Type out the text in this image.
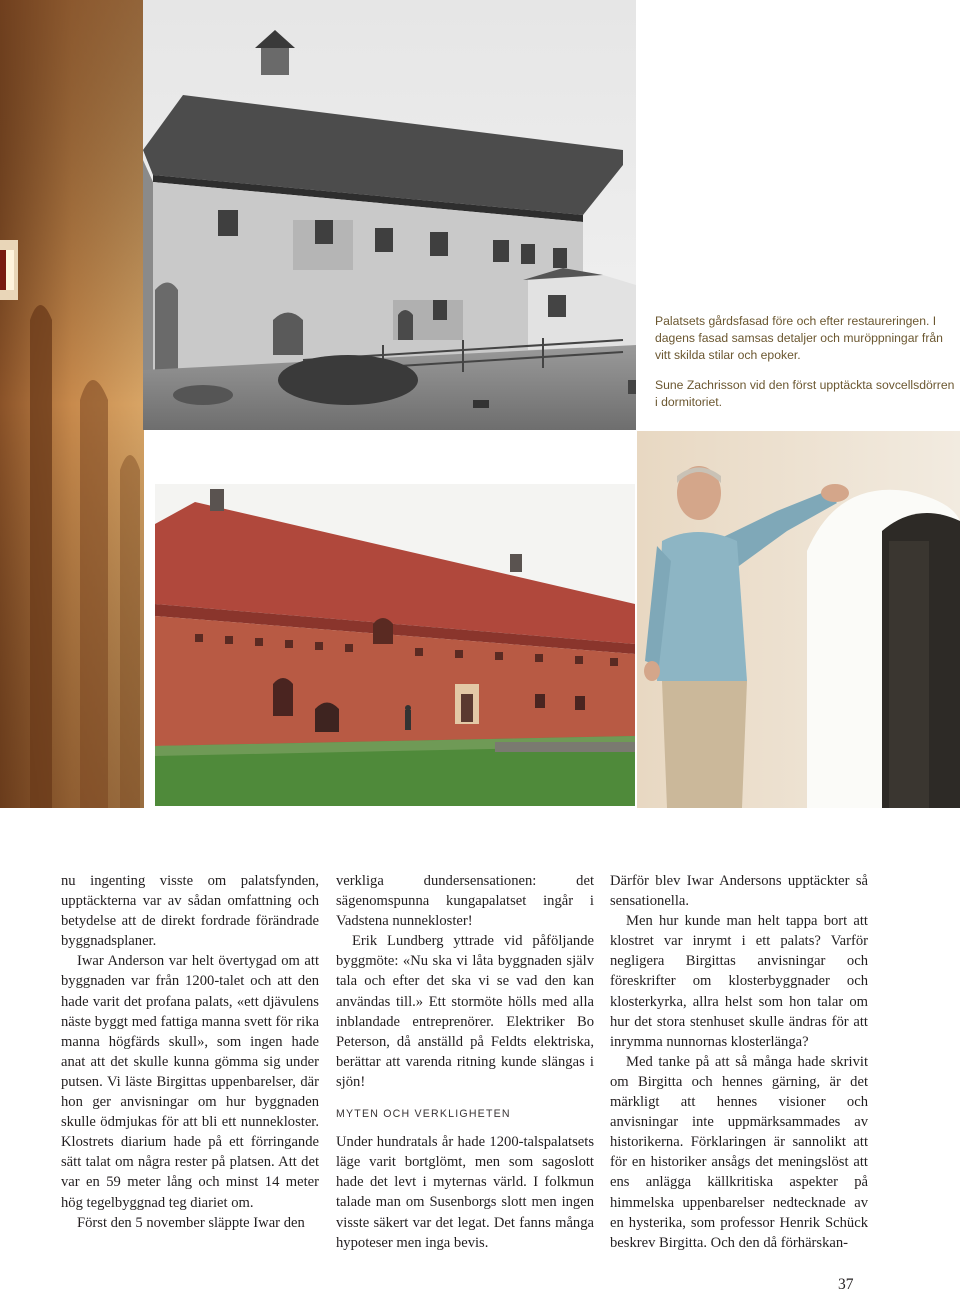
Palatsets gårdsfasad före och efter restaureringen. I dagens fasad samsas detaljer och muröppningar från vitt skilda stilar och epoker.

Sune Zachrisson vid den först upptäckta sovcellsdörren i dormitoriet.

nu ingenting visste om palatsfynden, upptäckterna var av sådan omfattning och betydelse att de direkt fordrade förändrade byggnadsplaner.

Iwar Anderson var helt övertygad om att byggnaden var från 1200-talet och att den hade varit det profana palats, «ett djävulens näste byggt med fattiga manna svett för rika manna högfärds skull», som ingen hade anat att det skulle kunna gömma sig under putsen. Vi läste Birgittas uppenbarelser, där hon ger anvisningar om hur byggnaden skulle ödmjukas för att bli ett nunnekloster. Klostrets diarium hade på ett förringande sätt talat om några rester på platsen. Att det var en 59 meter lång och minst 14 meter hög tegelbyggnad teg diariet om.

Först den 5 november släppte Iwar den

verkliga dundersensationen: det sägenomspunna kungapalatset ingår i Vadstena nunnekloster!

Erik Lundberg yttrade vid påföljande byggmöte: «Nu ska vi låta byggnaden själv tala och efter det ska vi se vad den kan användas till.» Ett stormöte hölls med alla inblandade entreprenörer. Elektriker Bo Peterson, då anställd på Feldts elektriska, berättar att varenda ritning kunde slängas i sjön!

MYTEN OCH VERKLIGHETEN

Under hundratals år hade 1200-talspalatsets läge varit bortglömt, men som sagoslott hade det levt i myternas värld. I folkmun talade man om Susenborgs slott men ingen visste säkert var det legat. Det fanns många hypoteser men inga bevis.

Därför blev Iwar Andersons upptäckter så sensationella.

Men hur kunde man helt tappa bort att klostret var inrymt i ett palats? Varför negligera Birgittas anvisningar och föreskrifter om klosterbyggnader och klosterkyrka, allra helst som hon talar om hur det stora stenhuset skulle ändras för att inrymma nunnornas klosterlänga?

Med tanke på att så många hade skrivit om Birgitta och hennes gärning, är det märkligt att hennes visioner och anvisningar inte uppmärksammades av historikerna. Förklaringen är sannolikt att för en historiker ansågs det meningslöst att ens anlägga källkritiska aspekter på himmelska uppenbarelser nedtecknade av en hysterika, som professor Henrik Schück beskrev Birgitta. Och den då förhärskan-

37
